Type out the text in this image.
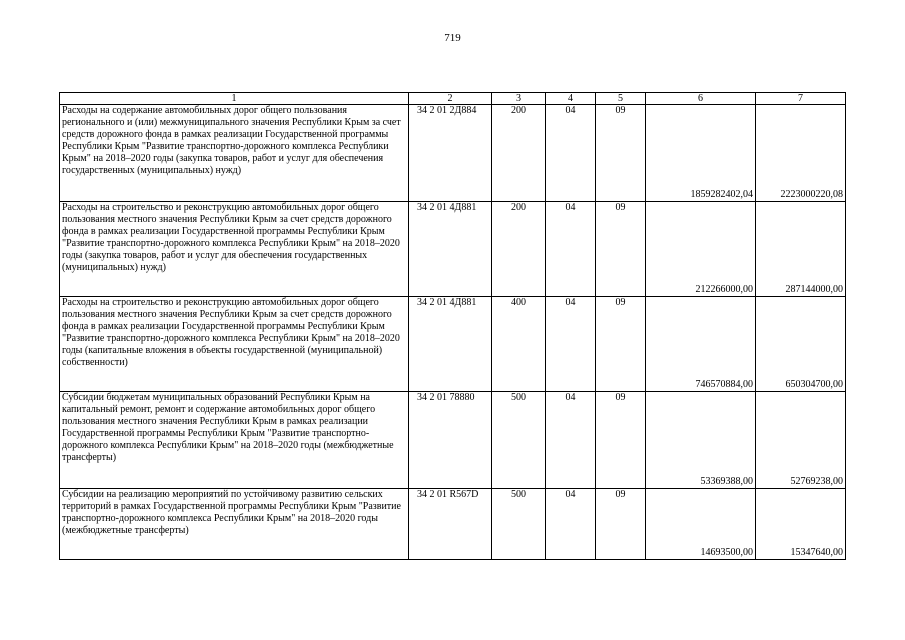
719
1	2	3	4	5	6	7
Расходы на содержание автомобильных дорог общего пользования регионального и (или) межмуниципального значения Республики Крым за счет средств дорожного фонда в рамках реализации Государственной программы Республики Крым "Развитие транспортно-дорожного комплекса Республики Крым" на 2018–2020 годы (закупка товаров, работ и услуг для обеспечения государственных (муниципальных) нужд)	34 2 01 2Д884	200	04	09	1859282402,04	2223000220,08
Расходы на строительство и реконструкцию автомобильных дорог общего пользования местного значения Республики Крым за счет средств дорожного фонда в рамках реализации Государственной программы Республики Крым "Развитие транспортно-дорожного комплекса Республики Крым" на 2018–2020 годы (закупка товаров, работ и услуг для обеспечения государственных (муниципальных) нужд)	34 2 01 4Д881	200	04	09	212266000,00	287144000,00
Расходы на строительство и реконструкцию автомобильных дорог общего пользования местного значения Республики Крым за счет средств дорожного фонда в рамках реализации Государственной программы Республики Крым "Развитие транспортно-дорожного комплекса Республики Крым" на 2018–2020 годы (капитальные вложения в объекты государственной (муниципальной) собственности)	34 2 01 4Д881	400	04	09	746570884,00	650304700,00
Субсидии бюджетам муниципальных образований Республики Крым на капитальный ремонт, ремонт и содержание автомобильных дорог общего пользования местного значения Республики Крым в рамках реализации Государственной программы Республики Крым "Развитие транспортно-дорожного комплекса Республики Крым" на 2018–2020 годы (межбюджетные трансферты)	34 2 01 78880	500	04	09	53369388,00	52769238,00
Субсидии на реализацию мероприятий по устойчивому развитию сельских территорий в рамках Государственной программы Республики Крым "Развитие транспортно-дорожного комплекса Республики Крым" на 2018–2020 годы (межбюджетные трансферты)	34 2 01 R567D	500	04	09	14693500,00	15347640,00
